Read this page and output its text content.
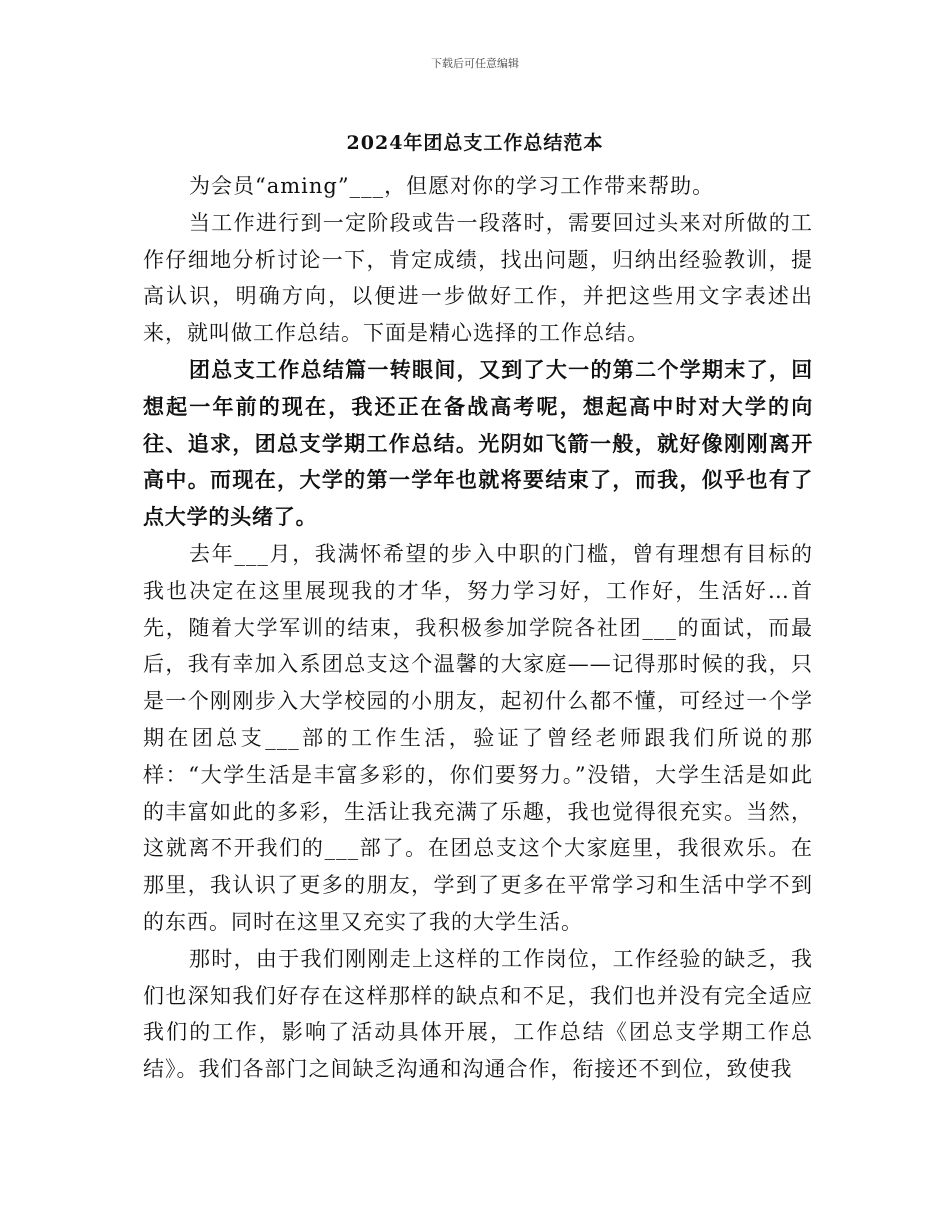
下载后可任意编辑
2024年团总支工作总结范本

为会员“aming”___，但愿对你的学习工作带来帮助。

当工作进行到一定阶段或告一段落时，需要回过头来对所做的工作仔细地分析讨论一下，肯定成绩，找出问题，归纳出经验教训，提高认识，明确方向，以便进一步做好工作，并把这些用文字表述出来，就叫做工作总结。下面是精心选择的工作总结。

团总支工作总结篇一转眼间，又到了大一的第二个学期末了，回想起一年前的现在，我还正在备战高考呢，想起高中时对大学的向往、追求，团总支学期工作总结。光阴如飞箭一般，就好像刚刚离开高中。而现在，大学的第一学年也就将要结束了，而我，似乎也有了点大学的头绪了。

去年___月，我满怀希望的步入中职的门槛，曾有理想有目标的我也决定在这里展现我的才华，努力学习好，工作好，生活好…首先，随着大学军训的结束，我积极参加学院各社团___的面试，而最后，我有幸加入系团总支这个温馨的大家庭——记得那时候的我，只是一个刚刚步入大学校园的小朋友，起初什么都不懂，可经过一个学期在团总支___部的工作生活，验证了曾经老师跟我们所说的那样：“大学生活是丰富多彩的，你们要努力。”没错，大学生活是如此的丰富如此的多彩，生活让我充满了乐趣，我也觉得很充实。当然，这就离不开我们的___部了。在团总支这个大家庭里，我很欢乐。在那里，我认识了更多的朋友，学到了更多在平常学习和生活中学不到的东西。同时在这里又充实了我的大学生活。

那时，由于我们刚刚走上这样的工作岗位，工作经验的缺乏，我们也深知我们好存在这样那样的缺点和不足，我们也并没有完全适应我们的工作，影响了活动具体开展，工作总结《团总支学期工作总结》。我们各部门之间缺乏沟通和沟通合作，衔接还不到位，致使我
